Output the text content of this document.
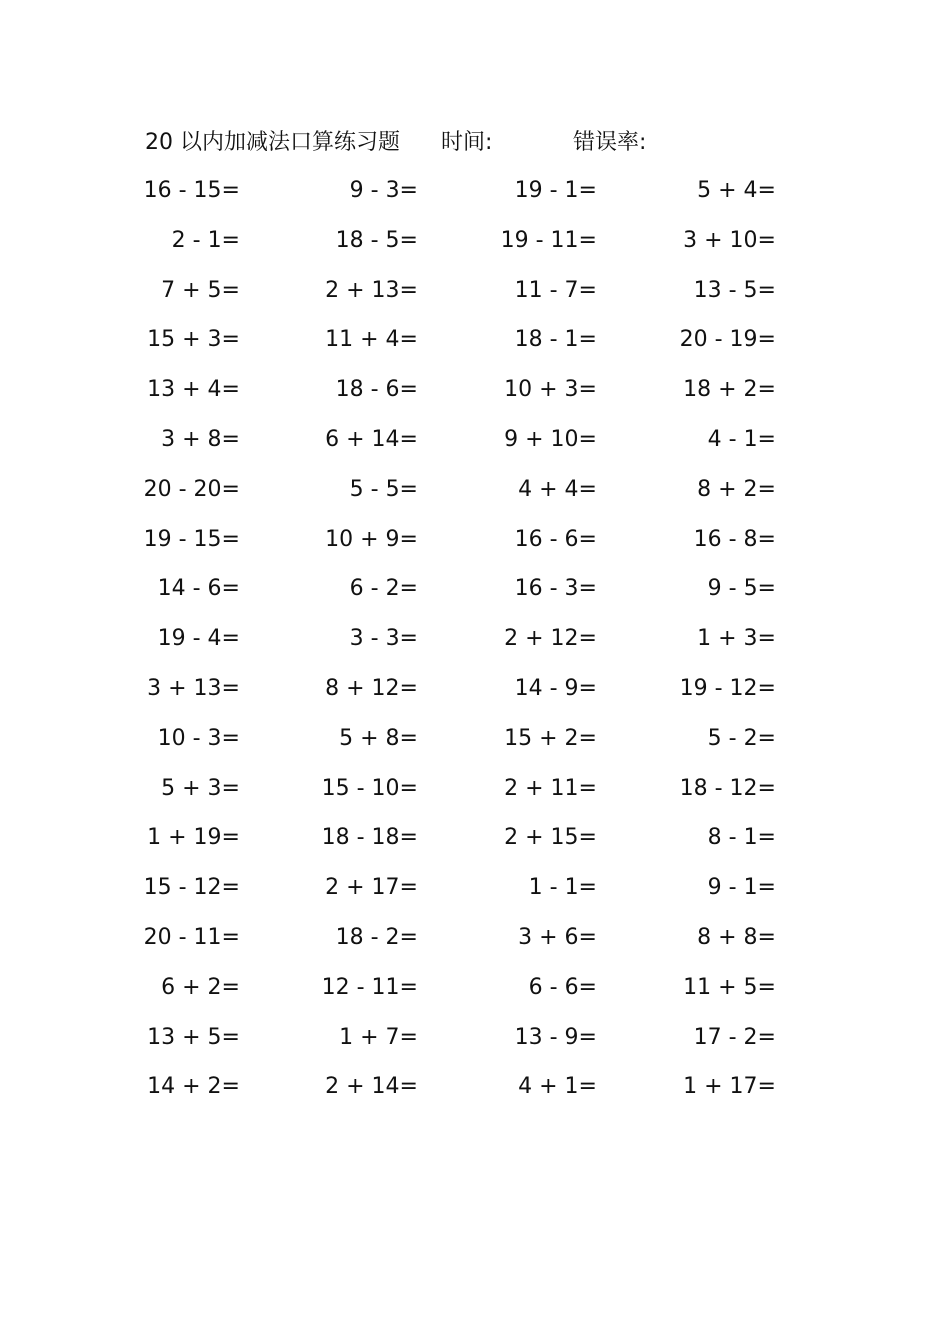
20 以内加减法口算练习题 时间:	错误率:
16 - 15=	9 - 3=	19 - 1=	5 + 4=
2 - 1=	18 - 5=	19 - 11=	3 + 10=
7 + 5=	2 + 13=	11 - 7=	13 - 5=
15 + 3=	11 + 4=	18 - 1=	20 - 19=
13 + 4=	18 - 6=	10 + 3=	18 + 2=
3 + 8=	6 + 14=	9 + 10=	4 - 1=
20 - 20=	5 - 5=	4 + 4=	8 + 2=
19 - 15=	10 + 9=	16 - 6=	16 - 8=
14 - 6=	6 - 2=	16 - 3=	9 - 5=
19 - 4=	3 - 3=	2 + 12=	1 + 3=
3 + 13=	8 + 12=	14 - 9=	19 - 12=
10 - 3=	5 + 8=	15 + 2=	5 - 2=
5 + 3=	15 - 10=	2 + 11=	18 - 12=
1 + 19=	18 - 18=	2 + 15=	8 - 1=
15 - 12=	2 + 17=	1 - 1=	9 - 1=
20 - 11=	18 - 2=	3 + 6=	8 + 8=
6 + 2=	12 - 11=	6 - 6=	11 + 5=
13 + 5=	1 + 7=	13 - 9=	17 - 2=
14 + 2=	2 + 14=	4 + 1=	1 + 17=
